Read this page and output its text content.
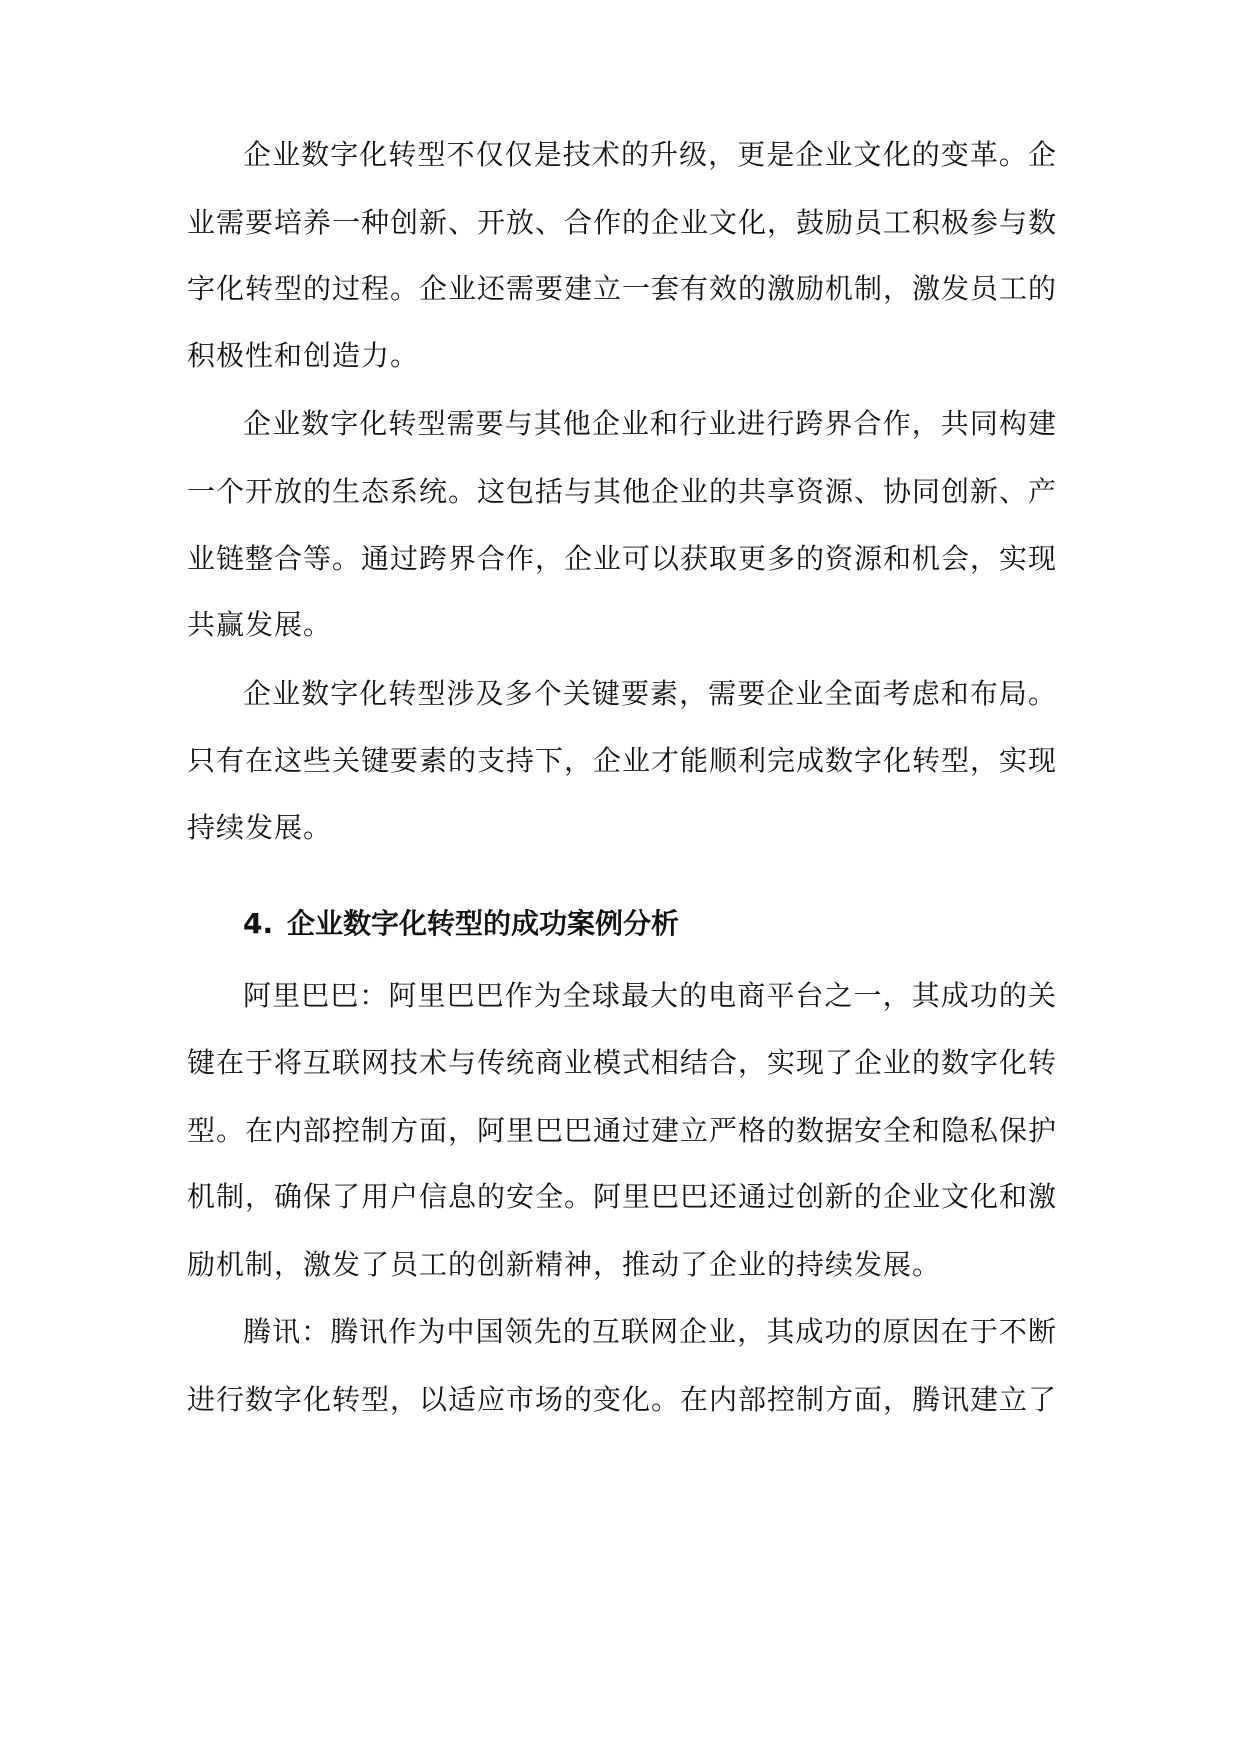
企业数字化转型不仅仅是技术的升级，更是企业文化的变革。企
业需要培养一种创新、开放、合作的企业文化，鼓励员工积极参与数
字化转型的过程。企业还需要建立一套有效的激励机制，激发员工的
积极性和创造力。
企业数字化转型需要与其他企业和行业进行跨界合作，共同构建
一个开放的生态系统。这包括与其他企业的共享资源、协同创新、产
业链整合等。通过跨界合作，企业可以获取更多的资源和机会，实现
共赢发展。
企业数字化转型涉及多个关键要素，需要企业全面考虑和布局。
只有在这些关键要素的支持下，企业才能顺利完成数字化转型，实现
持续发展。
4. 企业数字化转型的成功案例分析
阿里巴巴：阿里巴巴作为全球最大的电商平台之一，其成功的关
键在于将互联网技术与传统商业模式相结合，实现了企业的数字化转
型。在内部控制方面，阿里巴巴通过建立严格的数据安全和隐私保护
机制，确保了用户信息的安全。阿里巴巴还通过创新的企业文化和激
励机制，激发了员工的创新精神，推动了企业的持续发展。
腾讯：腾讯作为中国领先的互联网企业，其成功的原因在于不断
进行数字化转型，以适应市场的变化。在内部控制方面，腾讯建立了
